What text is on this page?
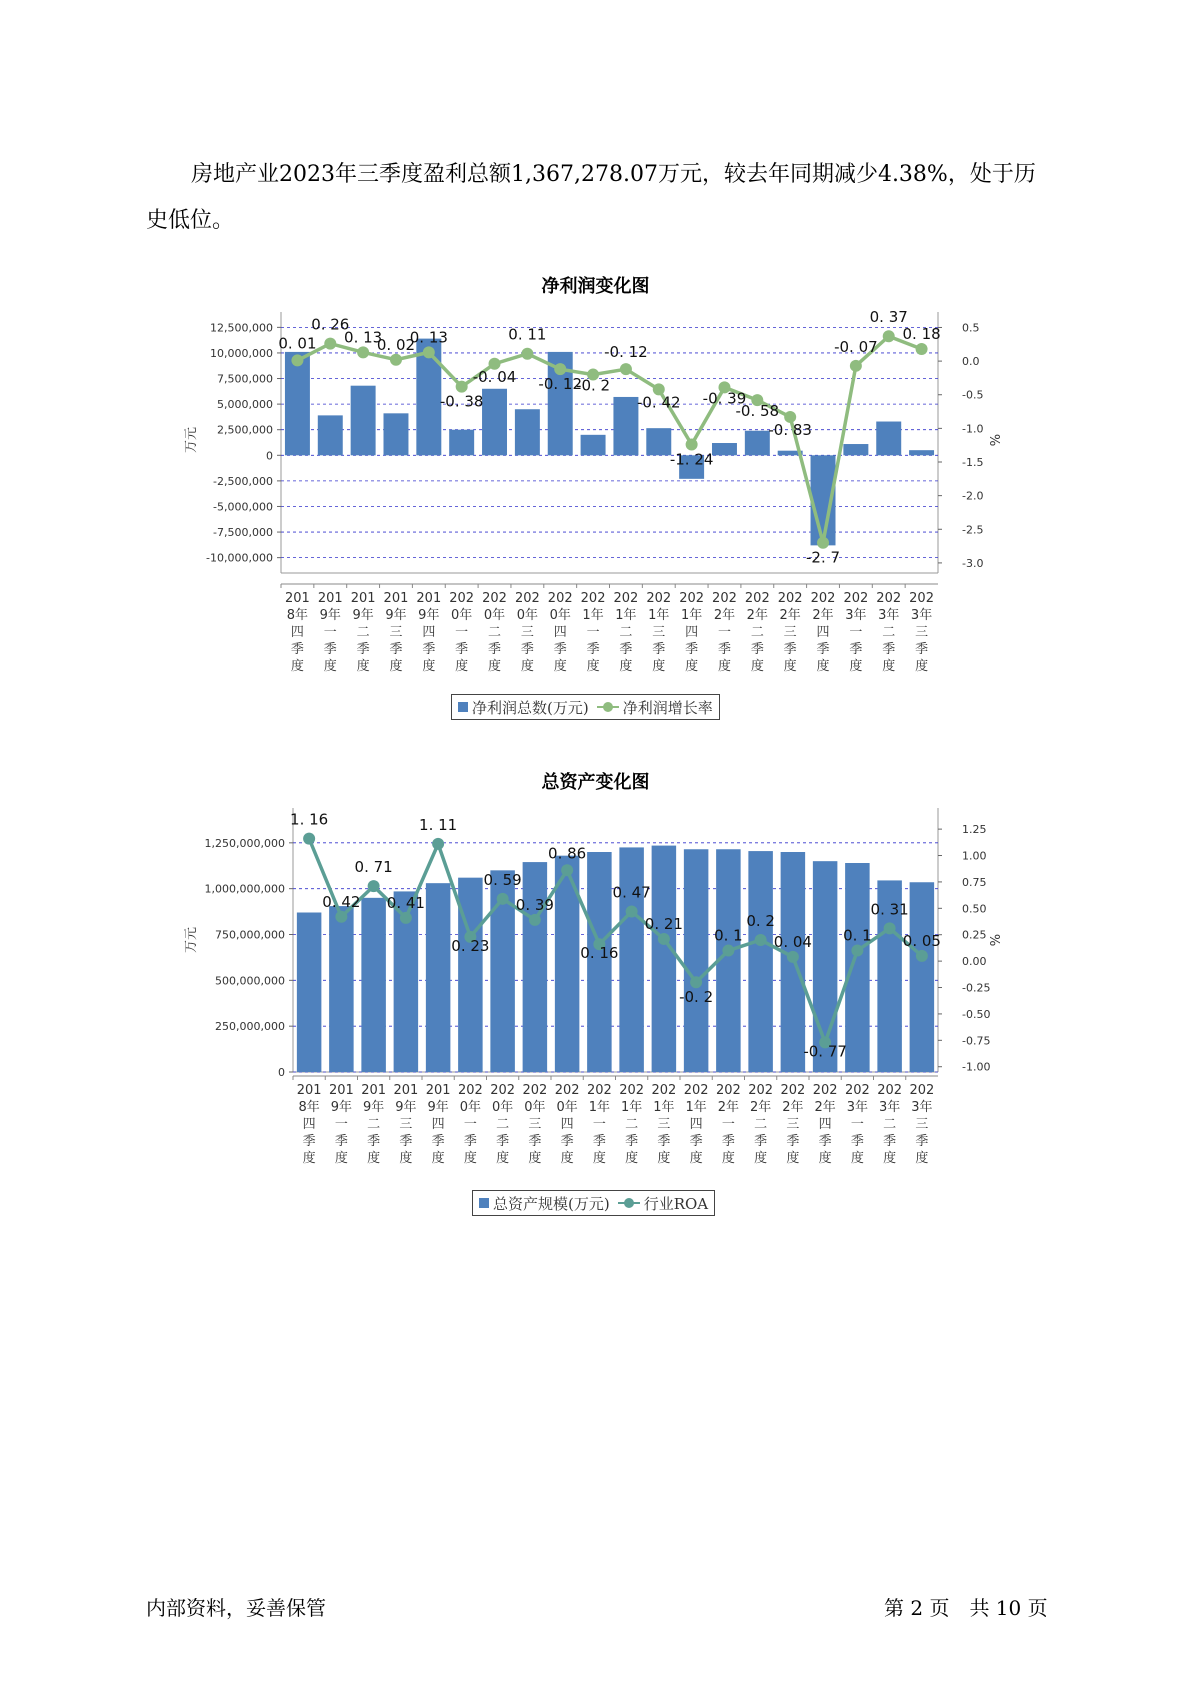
房地产业2023年三季度盈利总额1,367,278.07万元，较去年同期减少4.38%，处于历史低位。

净利润变化图
12,500,000
10,000,000
7,500,000
5,000,000
2,500,000
0
-2,500,000
-5,000,000
-7,500,000
-10,000,000
0.5
0.0
-0.5
-1.0
-1.5
-2.0
-2.5
-3.0
万元	%
201
8年
四
季
度
201
9年
一
季
度
201
9年
二
季
度
201
9年
三
季
度
201
9年
四
季
度
202
0年
一
季
度
202
0年
二
季
度
202
0年
三
季
度
202
0年
四
季
度
202
1年
一
季
度
202
1年
二
季
度
202
1年
三
季
度
202
1年
四
季
度
202
2年
一
季
度
202
2年
二
季
度
202
2年
三
季
度
202
2年
四
季
度
202
3年
一
季
度
202
3年
二
季
度
202
3年
三
季
度
0. 01
0. 26
0. 13
0. 02
0. 13
-0. 38
-0. 04
0. 11
-0. 12
-0. 2
-0. 12
-0. 42
-1. 24
-0. 39
-0. 58
-0. 83
-2. 7
-0. 07
0. 37
0. 18
净利润总数(万元) 净利润增长率
总资产变化图
1,250,000,000
1,000,000,000
750,000,000
500,000,000
250,000,000
0
1.25
1.00
0.75
0.50
0.25
0.00
-0.25
-0.50
-0.75
-1.00
万元	%
201
8年
四
季
度
201
9年
一
季
度
201
9年
二
季
度
201
9年
三
季
度
201
9年
四
季
度
202
0年
一
季
度
202
0年
二
季
度
202
0年
三
季
度
202
0年
四
季
度
202
1年
一
季
度
202
1年
二
季
度
202
1年
三
季
度
202
1年
四
季
度
202
2年
一
季
度
202
2年
二
季
度
202
2年
三
季
度
202
2年
四
季
度
202
3年
一
季
度
202
3年
二
季
度
202
3年
三
季
度
1. 16
0. 42
0. 71
0. 41
1. 11
0. 23
0. 59
0. 39
0. 86
0. 16
0. 47
0. 21
-0. 2
0. 1
0. 2
0. 04
-0. 77
0. 1
0. 31
0. 05
总资产规模(万元) 行业ROA
内部资料，妥善保管	第 2 页　共 10 页
